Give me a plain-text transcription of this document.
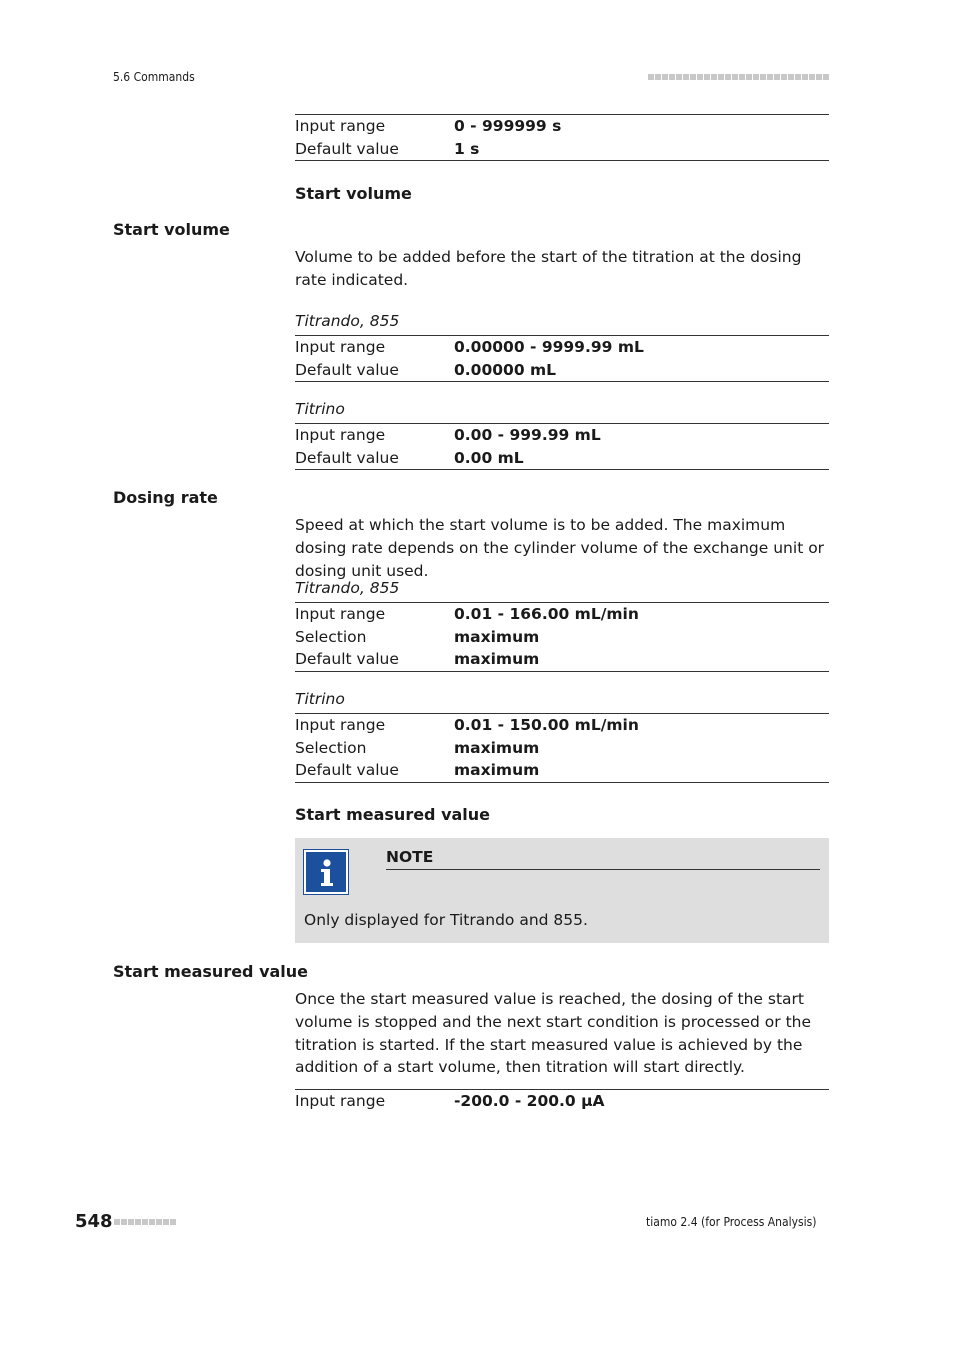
5.6 Commands
Input range	0 - 999999 s
Default value	1 s
Start volume
Start volume
Volume to be added before the start of the titration at the dosing rate indicated.
Titrando, 855
Input range	0.00000 - 9999.99 mL
Default value	0.00000 mL
Titrino
Input range	0.00 - 999.99 mL
Default value	0.00 mL
Dosing rate
Speed at which the start volume is to be added. The maximum dosing rate depends on the cylinder volume of the exchange unit or dosing unit used.
Titrando, 855
Input range	0.01 - 166.00 mL/min
Selection	maximum
Default value	maximum
Titrino
Input range	0.01 - 150.00 mL/min
Selection	maximum
Default value	maximum
Start measured value
NOTE
Only displayed for Titrando and 855.
Start measured value
Once the start measured value is reached, the dosing of the start volume is stopped and the next start condition is processed or the titration is started. If the start measured value is achieved by the addition of a start volume, then titration will start directly.
Input range	-200.0 - 200.0 µA
548	tiamo 2.4 (for Process Analysis)
